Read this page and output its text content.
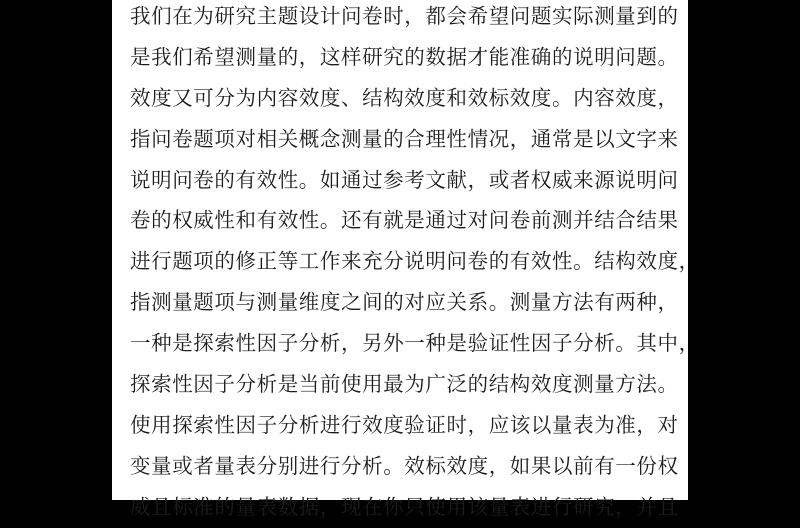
我们在为研究主题设计问卷时，都会希望问题实际测量到的
是我们希望测量的，这样研究的数据才能准确的说明问题。
效度又可分为内容效度、结构效度和效标效度。内容效度，
指问卷题项对相关概念测量的合理性情况，通常是以文字来
说明问卷的有效性。如通过参考文献，或者权威来源说明问
卷的权威性和有效性。还有就是通过对问卷前测并结合结果
进行题项的修正等工作来充分说明问卷的有效性。结构效度，
指测量题项与测量维度之间的对应关系。测量方法有两种，
一种是探索性因子分析，另外一种是验证性因子分析。其中，
探索性因子分析是当前使用最为广泛的结构效度测量方法。
使用探索性因子分析进行效度验证时，应该以量表为准，对
变量或者量表分别进行分析。效标效度，如果以前有一份权
威且标准的量表数据，现在你只使用该量表进行研究，并且
